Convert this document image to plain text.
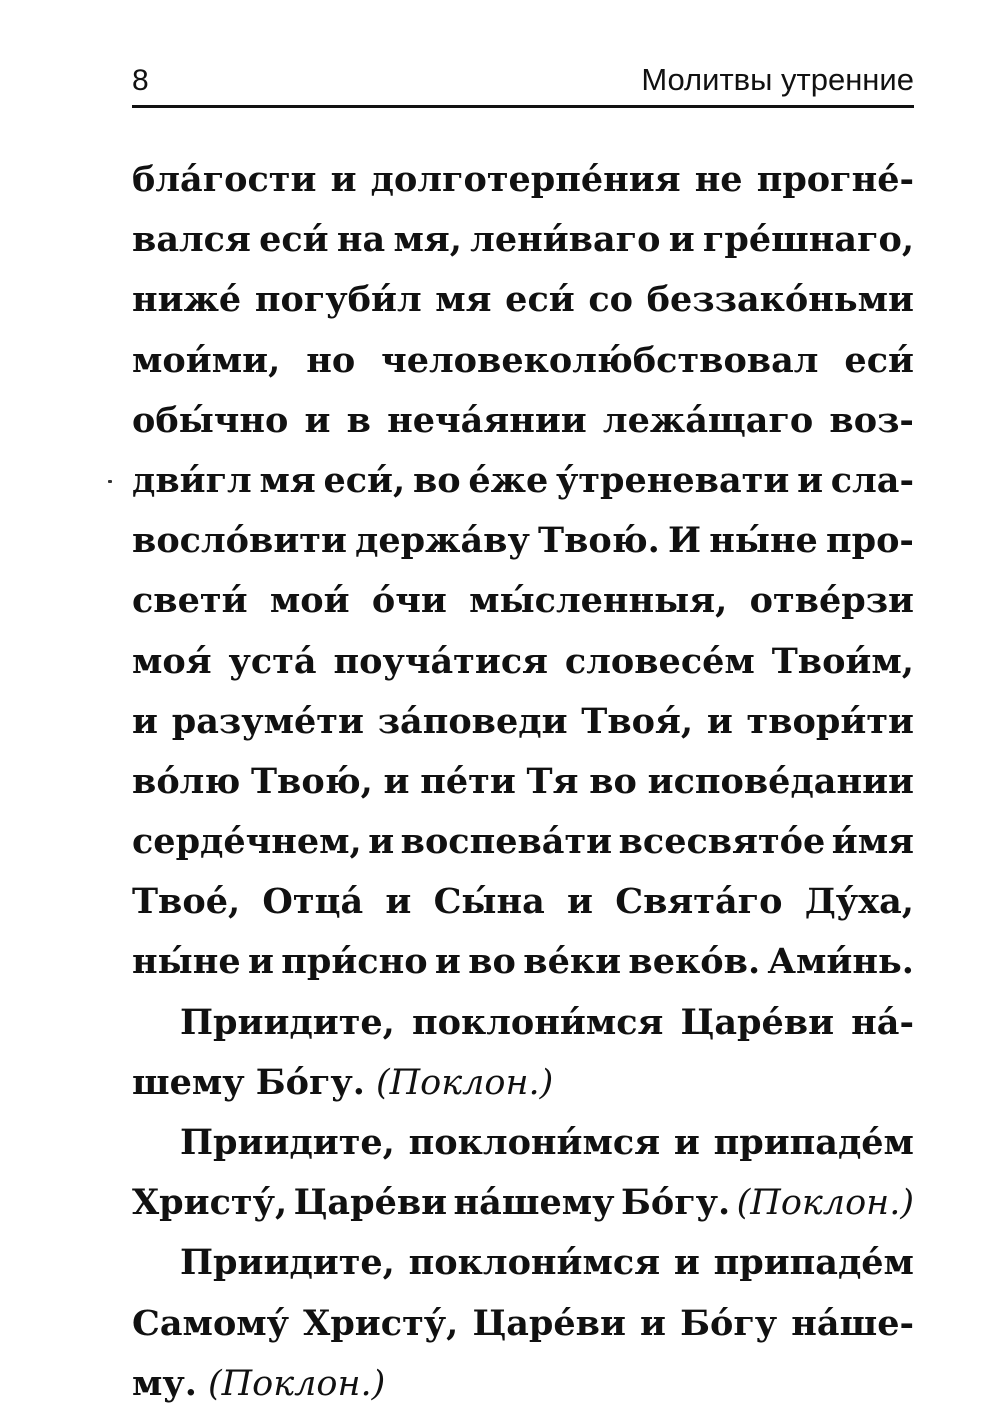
8	Молитвы утренние
бла́гости и долготерпе́ния не прогне́-
вался еси́ на мя, лени́ваго и гре́шнаго,
ниже́ погуби́л мя еси́ со беззако́ньми
мои́ми, но человеколю́бствовал еси́
обы́чно и в неча́янии лежа́щаго воз-
дви́гл мя еси́, во е́же у́треневати и сла-
восло́вити держа́ву Твою́. И ны́не про-
свети́ мои́ о́чи мы́сленныя, отве́рзи
моя́ уста́ поуча́тися словесе́м Твои́м,
и разуме́ти за́поведи Твоя́, и твори́ти
во́лю Твою́, и пе́ти Тя во испове́дании
серде́чнем, и воспева́ти всесвято́е и́мя
Твое́, Отца́ и Сы́на и Свята́го Ду́ха,
ны́не и при́сно и во ве́ки веко́в. Ами́нь.
Приидите, поклони́мся Царе́ви на́-
шему Бо́гу. (Поклон.)
Приидите, поклони́мся и припаде́м
Христу́, Царе́ви на́шему Бо́гу. (Поклон.)
Приидите, поклони́мся и припаде́м
Самому́ Христу́, Царе́ви и Бо́гу на́ше-
му. (Поклон.)
